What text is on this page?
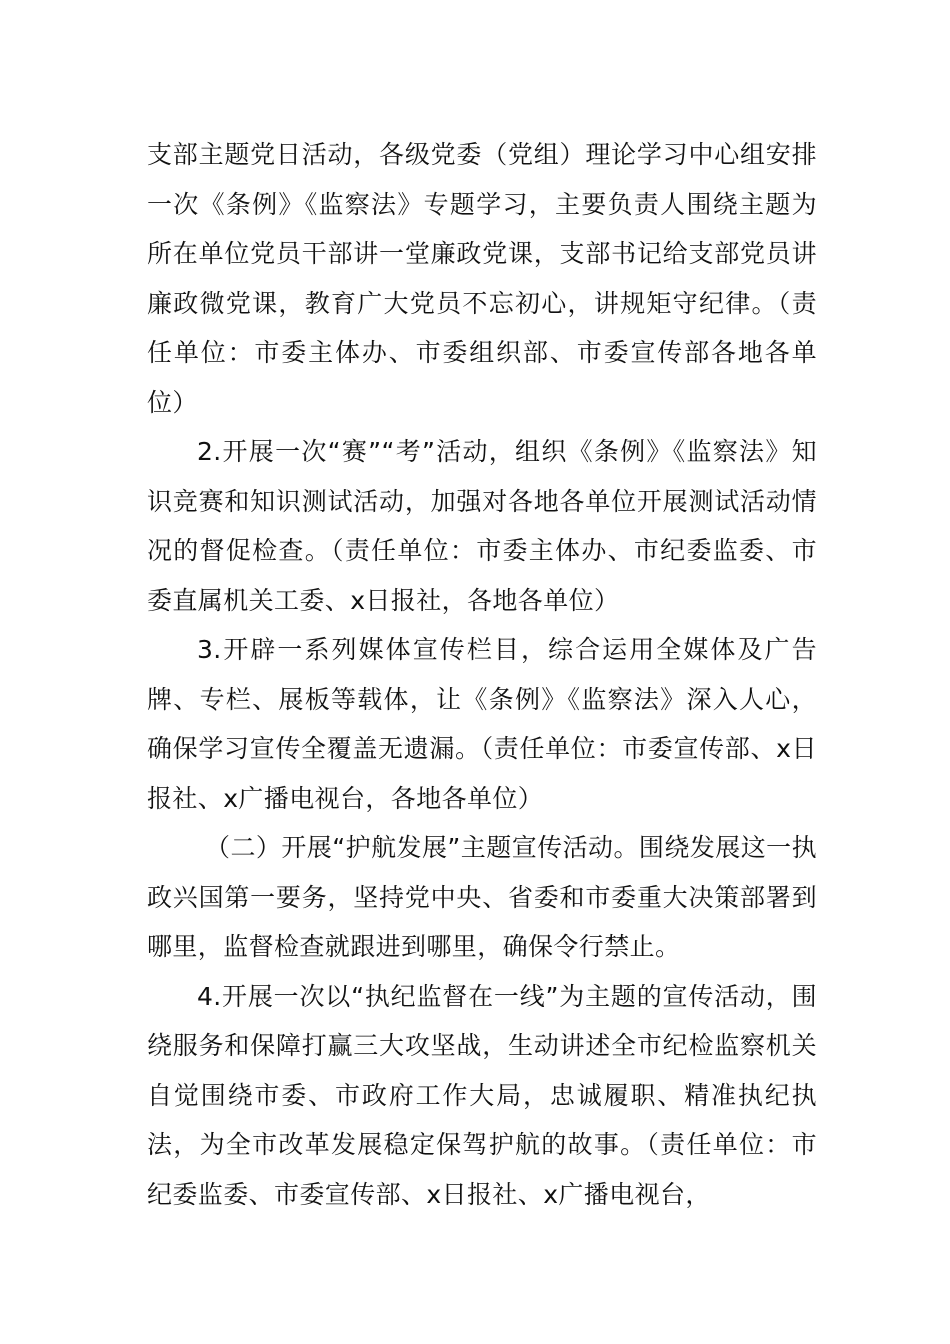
支部主题党日活动，各级党委（党组）理论学习中心组安排一次《条例》《监察法》专题学习，主要负责人围绕主题为所在单位党员干部讲一堂廉政党课，支部书记给支部党员讲廉政微党课，教育广大党员不忘初心，讲规矩守纪律。（责任单位：市委主体办、市委组织部、市委宣传部各地各单位）

2.开展一次“赛”“考”活动，组织《条例》《监察法》知识竞赛和知识测试活动，加强对各地各单位开展测试活动情况的督促检查。（责任单位：市委主体办、市纪委监委、市委直属机关工委、x日报社，各地各单位）

3.开辟一系列媒体宣传栏目，综合运用全媒体及广告牌、专栏、展板等载体，让《条例》《监察法》深入人心，确保学习宣传全覆盖无遗漏。（责任单位：市委宣传部、x日报社、x广播电视台，各地各单位）

（二）开展“护航发展”主题宣传活动。围绕发展这一执政兴国第一要务，坚持党中央、省委和市委重大决策部署到哪里，监督检查就跟进到哪里，确保令行禁止。

4.开展一次以“执纪监督在一线”为主题的宣传活动，围绕服务和保障打赢三大攻坚战，生动讲述全市纪检监察机关自觉围绕市委、市政府工作大局，忠诚履职、精准执纪执法，为全市改革发展稳定保驾护航的故事。（责任单位：市纪委监委、市委宣传部、x日报社、x广播电视台，
